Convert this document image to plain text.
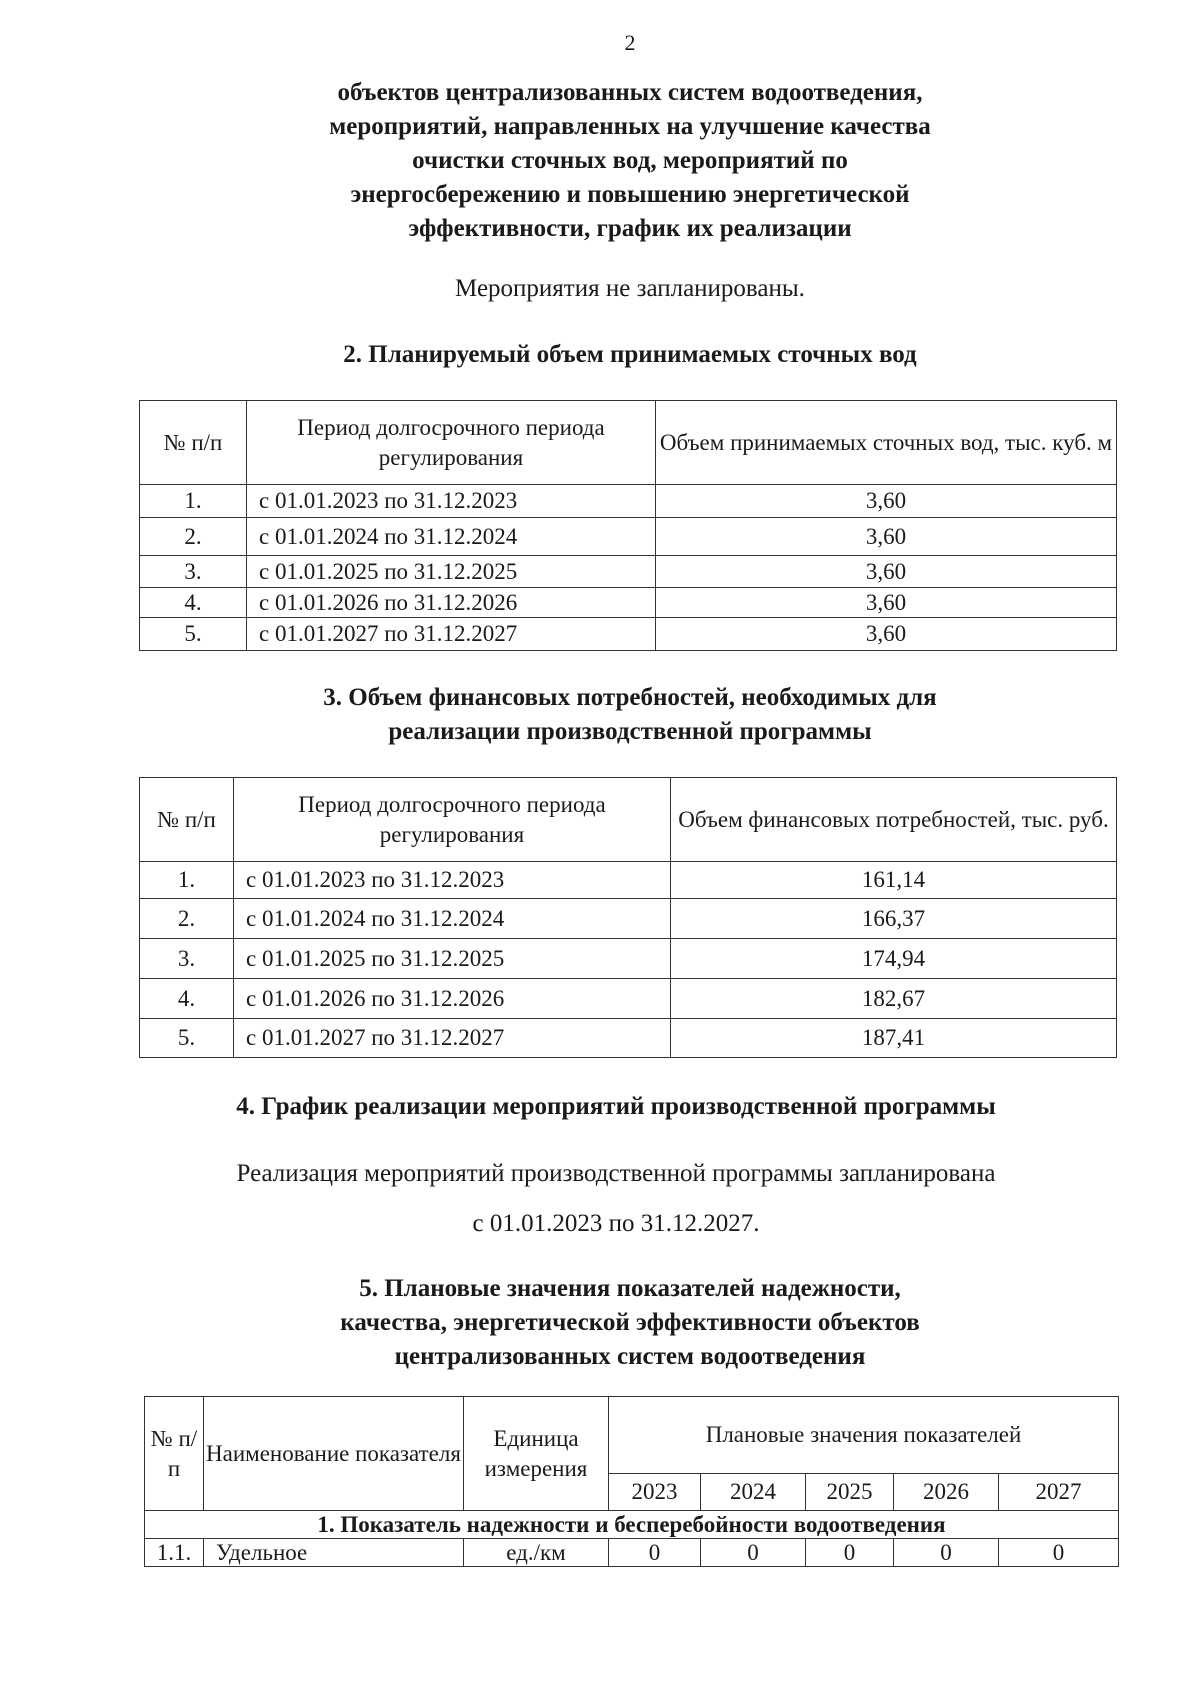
2
объектов централизованных систем водоотведения,
мероприятий, направленных на улучшение качества
очистки сточных вод, мероприятий по
энергосбережению и повышению энергетической
эффективности, график их реализации
Мероприятия не запланированы.
2. Планируемый объем принимаемых сточных вод
№ п/п	Период долгосрочного периода регулирования	Объем принимаемых сточных вод, тыс. куб. м
1.	с 01.01.2023 по 31.12.2023	3,60
2.	с 01.01.2024 по 31.12.2024	3,60
3.	с 01.01.2025 по 31.12.2025	3,60
4.	с 01.01.2026 по 31.12.2026	3,60
5.	с 01.01.2027 по 31.12.2027	3,60
3. Объем финансовых потребностей, необходимых для
реализации производственной программы
№ п/п	Период долгосрочного периода регулирования	Объем финансовых потребностей, тыс. руб.
1.	с 01.01.2023 по 31.12.2023	161,14
2.	с 01.01.2024 по 31.12.2024	166,37
3.	с 01.01.2025 по 31.12.2025	174,94
4.	с 01.01.2026 по 31.12.2026	182,67
5.	с 01.01.2027 по 31.12.2027	187,41
4. График реализации мероприятий производственной программы
Реализация мероприятий производственной программы запланирована
с 01.01.2023 по 31.12.2027.
5. Плановые значения показателей надежности,
качества, энергетической эффективности объектов
централизованных систем водоотведения
№ п/п	Наименование показателя	Единица измерения	Плановые значения показателей				
			2023	2024	2025	2026	2027
1. Показатель надежности и бесперебойности водоотведения							
1.1.	Удельное	ед./км	0	0	0	0	0
